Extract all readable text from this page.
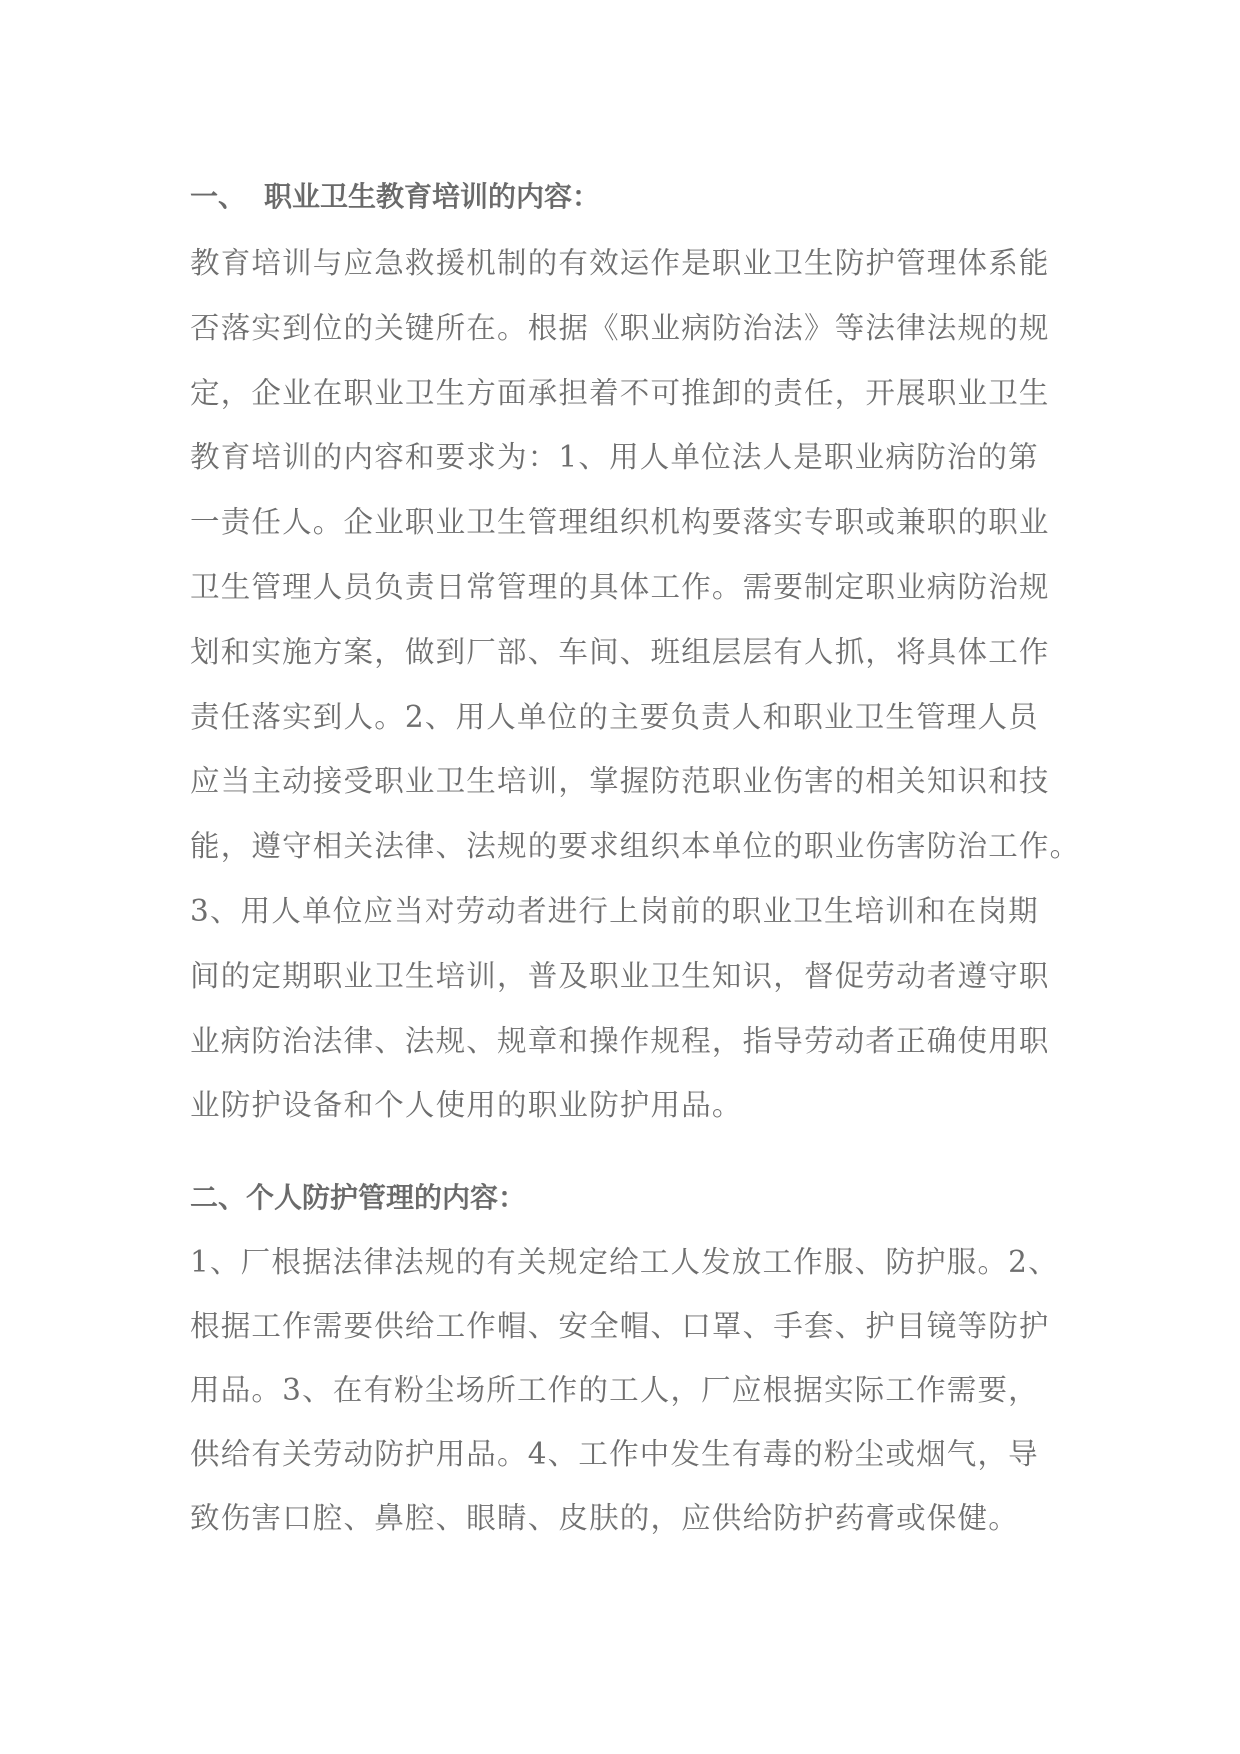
一、 职业卫生教育培训的内容：
教育培训与应急救援机制的有效运作是职业卫生防护管理体系能
否落实到位的关键所在。根据《职业病防治法》等法律法规的规
定，企业在职业卫生方面承担着不可推卸的责任，开展职业卫生
教育培训的内容和要求为：1、用人单位法人是职业病防治的第
一责任人。企业职业卫生管理组织机构要落实专职或兼职的职业
卫生管理人员负责日常管理的具体工作。需要制定职业病防治规
划和实施方案，做到厂部、车间、班组层层有人抓，将具体工作
责任落实到人。2、用人单位的主要负责人和职业卫生管理人员
应当主动接受职业卫生培训，掌握防范职业伤害的相关知识和技
能，遵守相关法律、法规的要求组织本单位的职业伤害防治工作。
3、用人单位应当对劳动者进行上岗前的职业卫生培训和在岗期
间的定期职业卫生培训，普及职业卫生知识，督促劳动者遵守职
业病防治法律、法规、规章和操作规程，指导劳动者正确使用职
业防护设备和个人使用的职业防护用品。
二、个人防护管理的内容：
1、厂根据法律法规的有关规定给工人发放工作服、防护服。2、
根据工作需要供给工作帽、安全帽、口罩、手套、护目镜等防护
用品。3、在有粉尘场所工作的工人，厂应根据实际工作需要，
供给有关劳动防护用品。4、工作中发生有毒的粉尘或烟气，导
致伤害口腔、鼻腔、眼睛、皮肤的，应供给防护药膏或保健。
